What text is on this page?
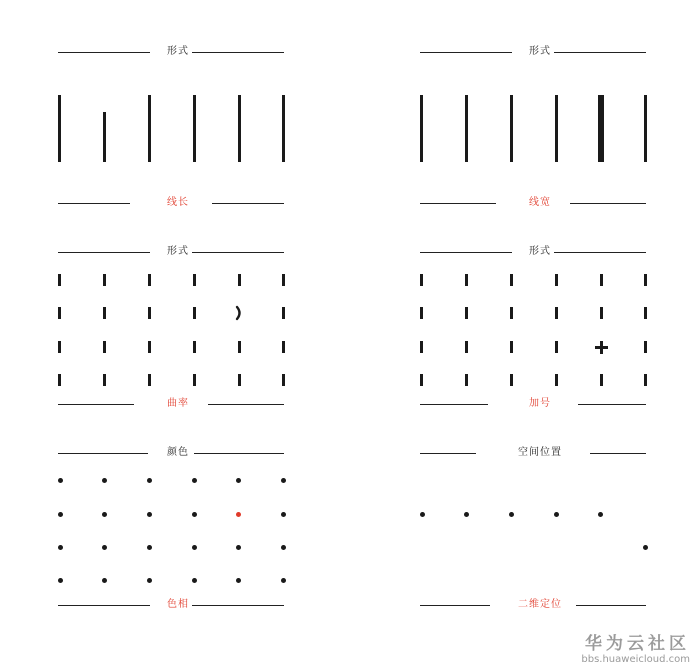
形式
线长
形式
线宽
形式
曲率
形式
加号
颜色
色相
空间位置
二维定位
华为云社区
bbs.huaweicloud.com
